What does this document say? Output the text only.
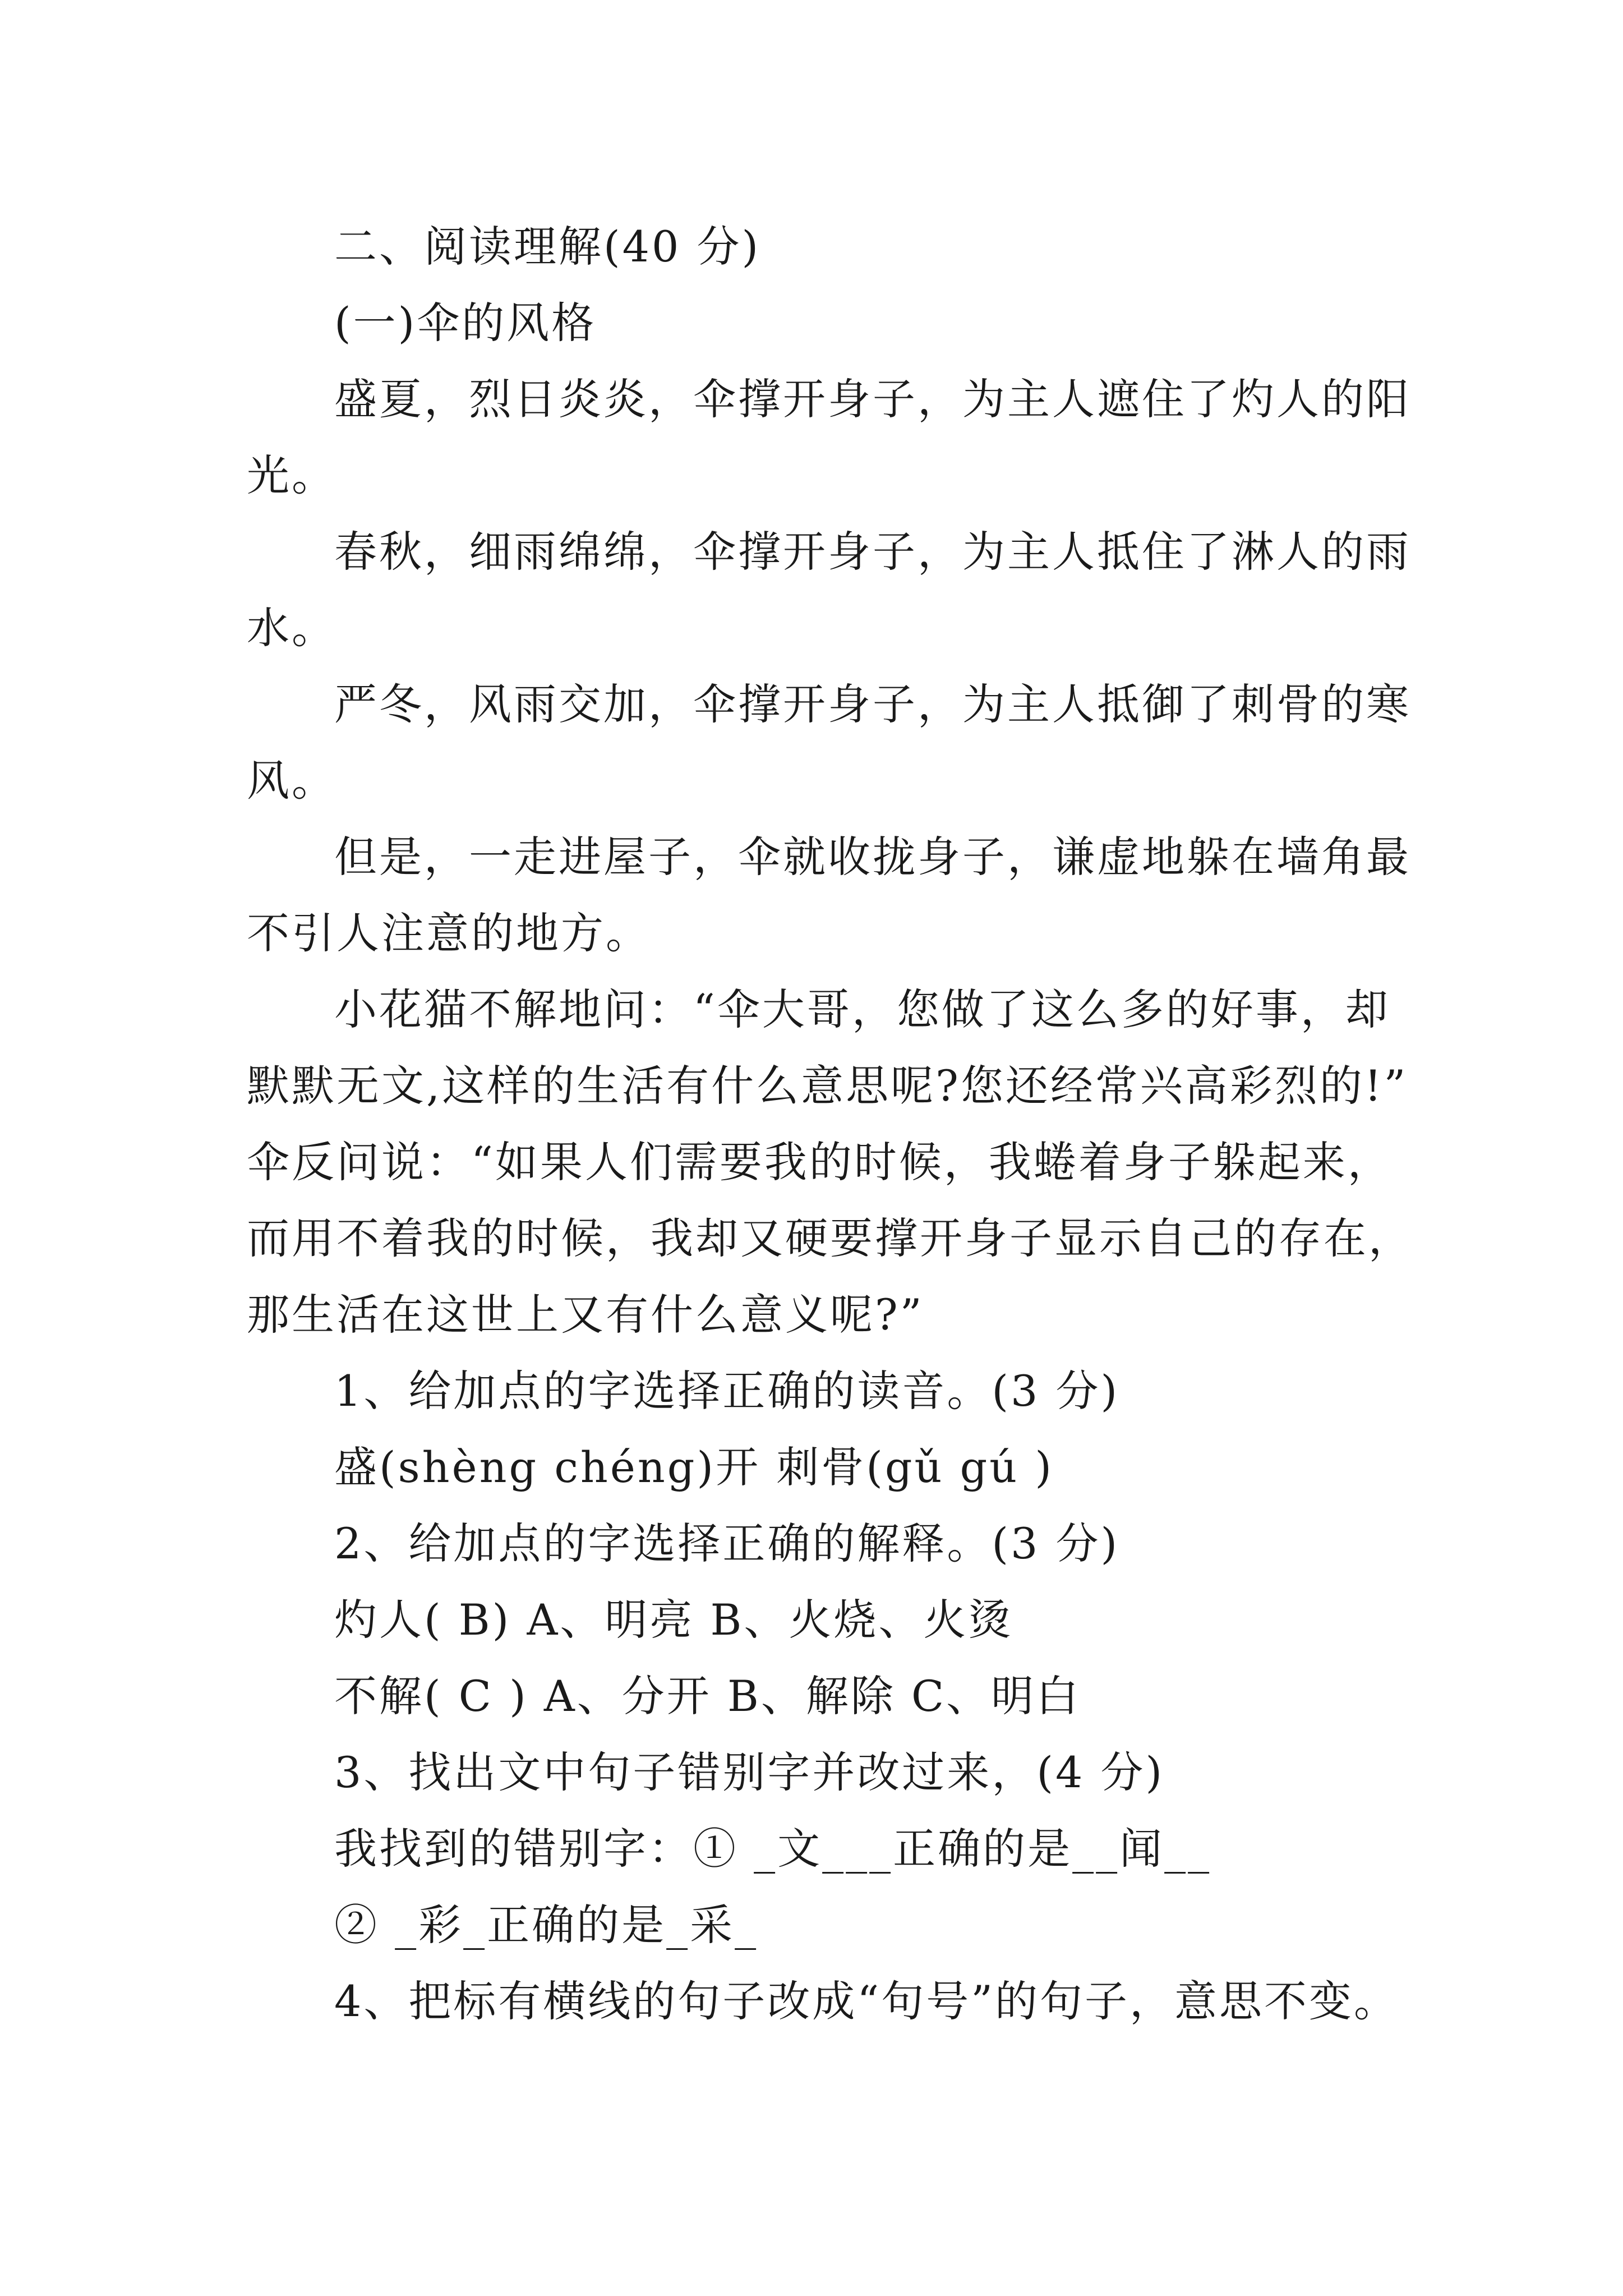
二、阅读理解(40 分)
(一)伞的风格
盛夏，烈日炎炎，伞撑开身子，为主人遮住了灼人的阳
光。
春秋，细雨绵绵，伞撑开身子，为主人抵住了淋人的雨
水。
严冬，风雨交加，伞撑开身子，为主人抵御了刺骨的寒
风。
但是，一走进屋子，伞就收拢身子，谦虚地躲在墙角最
不引人注意的地方。
小花猫不解地问：“伞大哥，您做了这么多的好事，却
默默无文,这样的生活有什么意思呢?您还经常兴高彩烈的!”
伞反问说：“如果人们需要我的时候，我蜷着身子躲起来，
而用不着我的时候，我却又硬要撑开身子显示自己的存在，
那生活在这世上又有什么意义呢?”
1、给加点的字选择正确的读音。(3 分)
盛(shèng chéng)开 刺骨(gǔ gú )
2、给加点的字选择正确的解释。(3 分)
灼人( B) A、明亮 B、火烧、火烫
不解( C ) A、分开 B、解除 C、明白
3、找出文中句子错别字并改过来，(4 分)
我找到的错别字：① _文___正确的是__闻__
② _彩_正确的是_采_
4、把标有横线的句子改成“句号”的句子，意思不变。
